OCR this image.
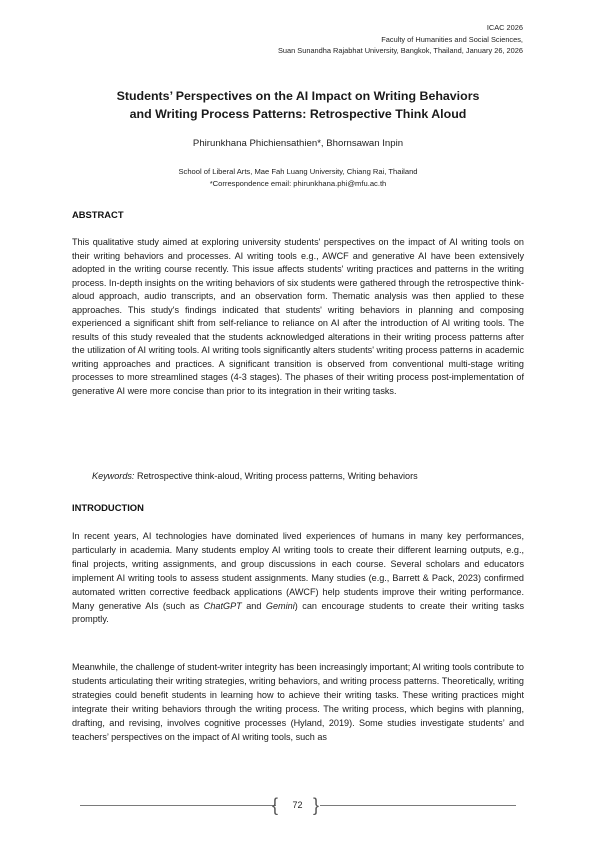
ICAC 2026
Faculty of Humanities and Social Sciences,
Suan Sunandha Rajabhat University, Bangkok, Thailand, January 26, 2026
Students’ Perspectives on the AI Impact on Writing Behaviors
and Writing Process Patterns: Retrospective Think Aloud
Phirunkhana Phichiensathien*, Bhornsawan Inpin
School of Liberal Arts, Mae Fah Luang University, Chiang Rai, Thailand
*Correspondence email: phirunkhana.phi@mfu.ac.th
ABSTRACT
This qualitative study aimed at exploring university students' perspectives on the impact of AI writing tools on their writing behaviors and processes. AI writing tools e.g., AWCF and generative AI have been extensively adopted in the writing course recently. This issue affects students' writing practices and patterns in the writing process. In-depth insights on the writing behaviors of six students were gathered through the retrospective think-aloud approach, audio transcripts, and an observation form. Thematic analysis was then applied to these approaches. This study's findings indicated that students' writing behaviors in planning and composing experienced a significant shift from self-reliance to reliance on AI after the introduction of AI writing tools. The results of this study revealed that the students acknowledged alterations in their writing process patterns after the utilization of AI writing tools. AI writing tools significantly alters students' writing process patterns in academic writing approaches and practices. A significant transition is observed from conventional multi-stage writing processes to more streamlined stages (4-3 stages). The phases of their writing process post-implementation of generative AI were more concise than prior to its integration in their writing tasks.
Keywords: Retrospective think-aloud, Writing process patterns, Writing behaviors
INTRODUCTION
In recent years, AI technologies have dominated lived experiences of humans in many key performances, particularly in academia. Many students employ AI writing tools to create their different learning outputs, e.g., final projects, writing assignments, and group discussions in each course. Several scholars and educators implement AI writing tools to assess student assignments. Many studies (e.g., Barrett & Pack, 2023) confirmed automated written corrective feedback applications (AWCF) help students improve their writing performance. Many generative AIs (such as ChatGPT and Gemini) can encourage students to create their writing tasks promptly.
Meanwhile, the challenge of student-writer integrity has been increasingly important; AI writing tools contribute to students articulating their writing strategies, writing behaviors, and writing process patterns. Theoretically, writing strategies could benefit students in learning how to achieve their writing tasks. These writing practices might integrate their writing behaviors through the writing process. The writing process, which begins with planning, drafting, and revising, involves cognitive processes (Hyland, 2019). Some studies investigate students’ and teachers’ perspectives on the impact of AI writing tools, such as
{	72 }
